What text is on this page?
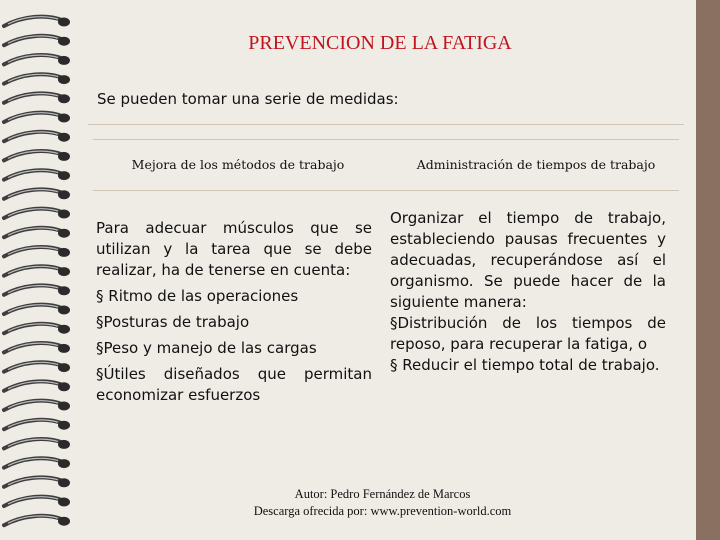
PREVENCION DE LA FATIGA
Se pueden tomar una serie de medidas:
Mejora de los métodos de trabajo	Administración de tiempos de trabajo

Para adecuar músculos que se utilizan y la tarea que se debe realizar, ha de tenerse en cuenta:

§ Ritmo de las operaciones

§Posturas de trabajo

§Peso y manejo de las cargas

§Útiles diseñados que permitan economizar esfuerzos

Organizar el tiempo de trabajo, estableciendo pausas frecuentes y adecuadas, recuperándose así el organismo. Se puede hacer de la siguiente manera:

§Distribución de los tiempos de reposo, para recuperar la fatiga, o

§ Reducir el tiempo total de trabajo.

Autor: Pedro Fernández de Marcos
Descarga ofrecida por: www.prevention-world.com
